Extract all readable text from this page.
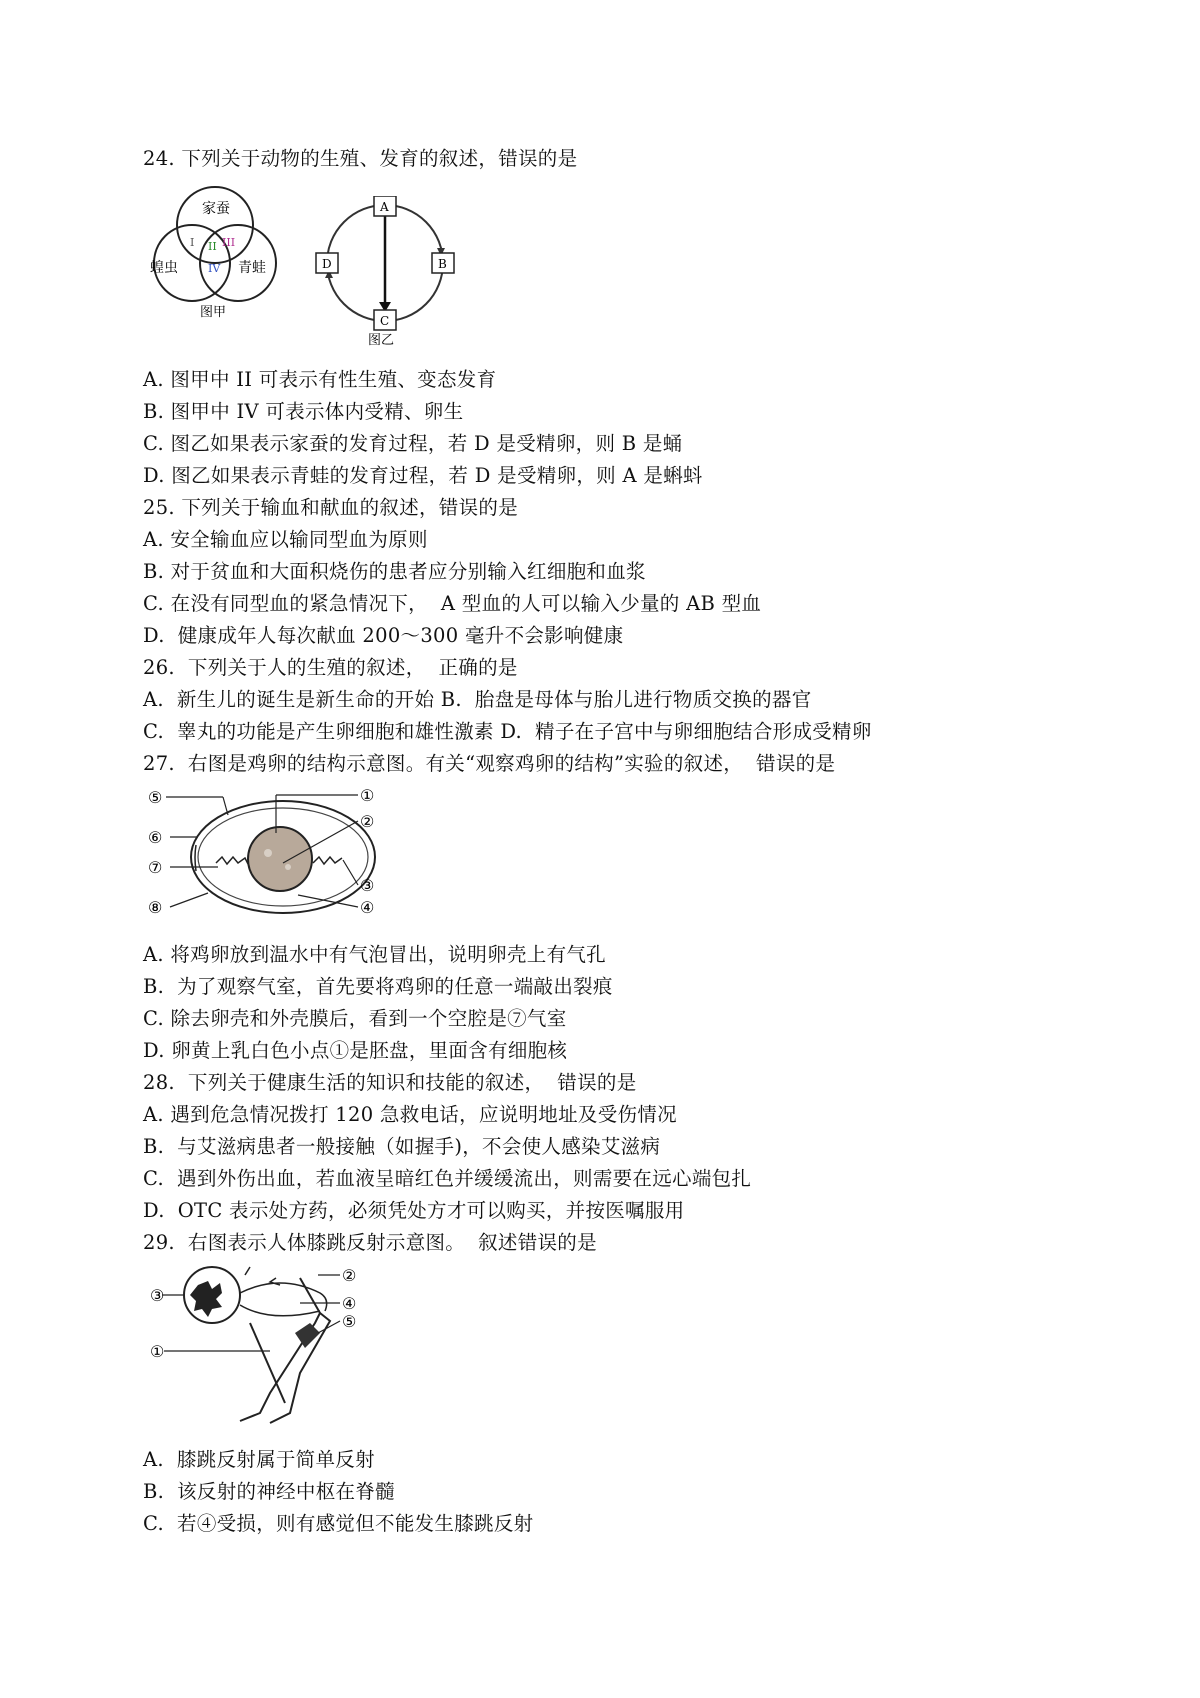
24. 下列关于动物的生殖、发育的叙述，错误的是
家蚕
蝗虫	青蛙
I II III
IV
图甲
A
B
C
D
图乙
A. 图甲中 II 可表示有性生殖、变态发育
B. 图甲中 IV 可表示体内受精、卵生
C. 图乙如果表示家蚕的发育过程，若 D 是受精卵，则 B 是蛹
D. 图乙如果表示青蛙的发育过程，若 D 是受精卵，则 A 是蝌蚪
25. 下列关于输血和献血的叙述，错误的是
A. 安全输血应以输同型血为原则
B. 对于贫血和大面积烧伤的患者应分别输入红细胞和血浆
C. 在没有同型血的紧急情况下，  A 型血的人可以输入少量的 AB 型血
D.  健康成年人每次献血 200～300 毫升不会影响健康
26.  下列关于人的生殖的叙述，  正确的是
A.  新生儿的诞生是新生命的开始 B.  胎盘是母体与胎儿进行物质交换的器官
C.  睾丸的功能是产生卵细胞和雄性激素 D.  精子在子宫中与卵细胞结合形成受精卵
27.  右图是鸡卵的结构示意图。有关“观察鸡卵的结构”实验的叙述，  错误的是
⑤
⑥
⑦
⑧
①
②
③
④
A. 将鸡卵放到温水中有气泡冒出，说明卵壳上有气孔
B.  为了观察气室，首先要将鸡卵的任意一端敲出裂痕
C. 除去卵壳和外壳膜后，看到一个空腔是⑦气室
D. 卵黄上乳白色小点①是胚盘，里面含有细胞核
28.  下列关于健康生活的知识和技能的叙述，  错误的是
A. 遇到危急情况拨打 120 急救电话，应说明地址及受伤情况
B.  与艾滋病患者一般接触（如握手)，不会使人感染艾滋病
C.  遇到外伤出血，若血液呈暗红色并缓缓流出，则需要在远心端包扎
D.  OTC 表示处方药，必须凭处方才可以购买，并按医嘱服用
29.  右图表示人体膝跳反射示意图。  叙述错误的是
③
①
②
④
⑤
A.  膝跳反射属于简单反射
B.  该反射的神经中枢在脊髓
C.  若④受损，则有感觉但不能发生膝跳反射
